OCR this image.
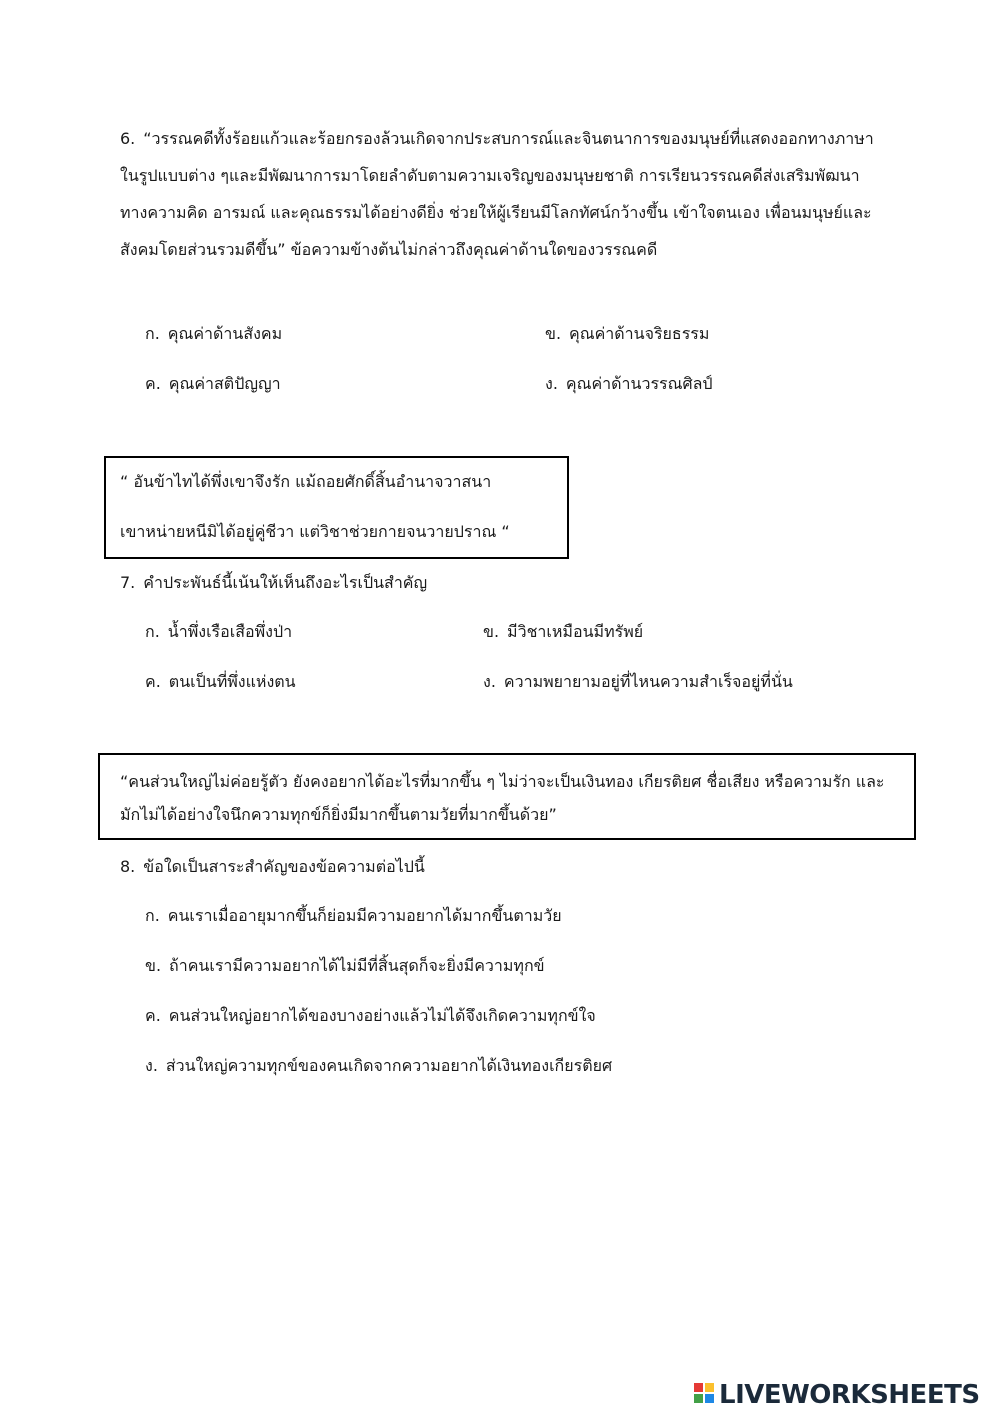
6. “วรรณคดีทั้งร้อยแก้วและร้อยกรองล้วนเกิดจากประสบการณ์และจินตนาการของมนุษย์ที่แสดงออกทางภาษาในรูปแบบต่าง ๆและมีพัฒนาการมาโดยลำดับตามความเจริญของมนุษยชาติ การเรียนวรรณคดีส่งเสริมพัฒนาทางความคิด อารมณ์ และคุณธรรมได้อย่างดียิ่ง ช่วยให้ผู้เรียนมีโลกทัศน์กว้างขึ้น เข้าใจตนเอง เพื่อนมนุษย์และสังคมโดยส่วนรวมดีขึ้น” ข้อความข้างต้นไม่กล่าวถึงคุณค่าด้านใดของวรรณคดี
ก. คุณค่าด้านสังคม	ข. คุณค่าด้านจริยธรรม
ค. คุณค่าสติปัญญา	ง. คุณค่าด้านวรรณศิลป์
“ อันข้าไทได้พึ่งเขาจึงรัก แม้ถอยศักดิ์สิ้นอำนาจวาสนา
เขาหน่ายหนีมิได้อยู่คู่ชีวา แต่วิชาช่วยกายจนวายปราณ “
7. คำประพันธ์นี้เน้นให้เห็นถึงอะไรเป็นสำคัญ
ก. น้ำพึ่งเรือเสือพึ่งป่า	ข. มีวิชาเหมือนมีทรัพย์
ค. ตนเป็นที่พึ่งแห่งตน	ง. ความพยายามอยู่ที่ไหนความสำเร็จอยู่ที่นั่น
“คนส่วนใหญ่ไม่ค่อยรู้ตัว ยังคงอยากได้อะไรที่มากขึ้น ๆ ไม่ว่าจะเป็นเงินทอง เกียรติยศ ชื่อเสียง หรือความรัก และมักไม่ได้อย่างใจนึกความทุกข์ก็ยิ่งมีมากขึ้นตามวัยที่มากขึ้นด้วย”
8. ข้อใดเป็นสาระสำคัญของข้อความต่อไปนี้
ก. คนเราเมื่ออายุมากขึ้นก็ย่อมมีความอยากได้มากขึ้นตามวัย
ข. ถ้าคนเรามีความอยากได้ไม่มีที่สิ้นสุดก็จะยิ่งมีความทุกข์
ค. คนส่วนใหญ่อยากได้ของบางอย่างแล้วไม่ได้จึงเกิดความทุกข์ใจ
ง. ส่วนใหญ่ความทุกข์ของคนเกิดจากความอยากได้เงินทองเกียรติยศ
LIVEWORKSHEETS
